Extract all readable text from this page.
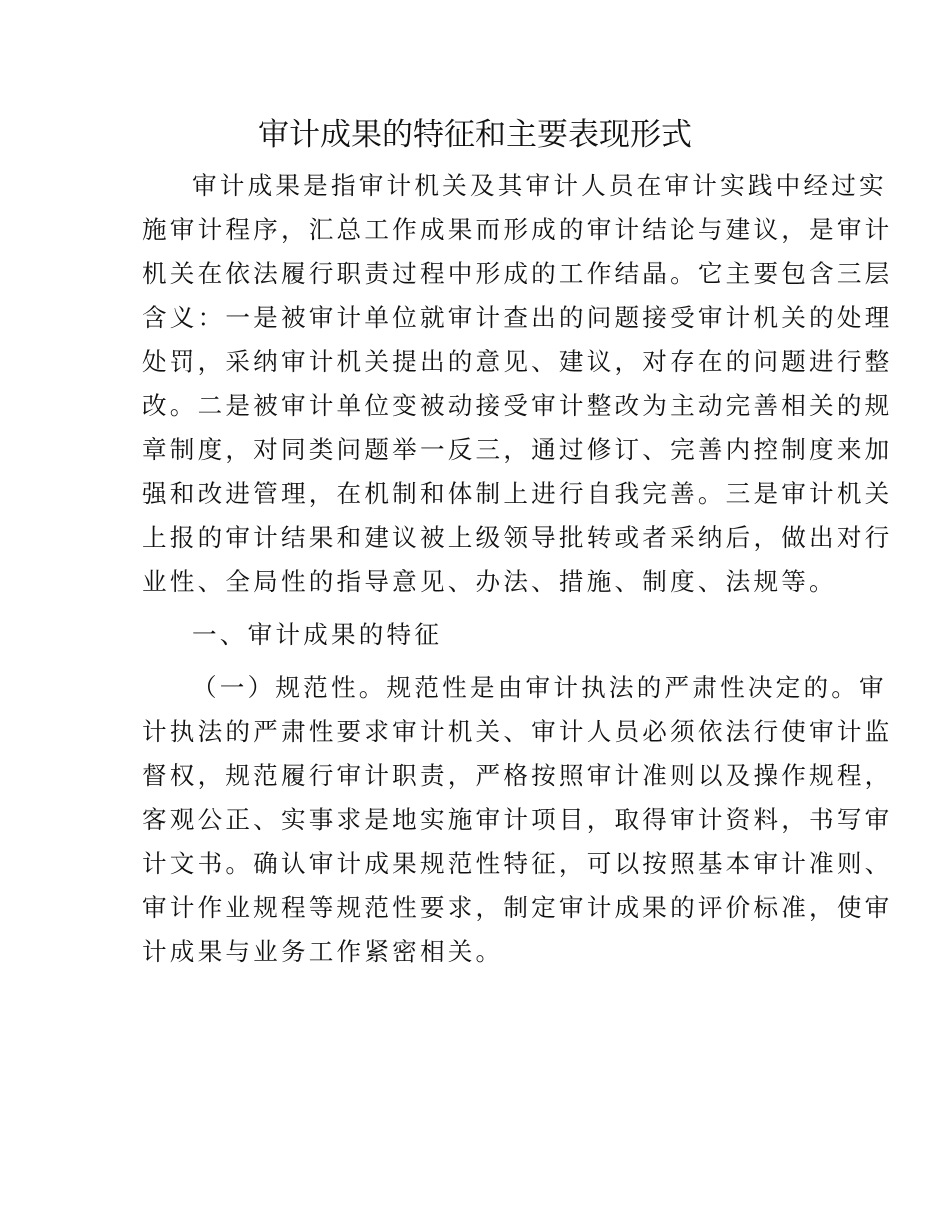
审计成果的特征和主要表现形式
审计成果是指审计机关及其审计人员在审计实践中经过实
施审计程序，汇总工作成果而形成的审计结论与建议，是审计
机关在依法履行职责过程中形成的工作结晶。它主要包含三层
含义：一是被审计单位就审计查出的问题接受审计机关的处理
处罚，采纳审计机关提出的意见、建议，对存在的问题进行整
改。二是被审计单位变被动接受审计整改为主动完善相关的规
章制度，对同类问题举一反三，通过修订、完善内控制度来加
强和改进管理，在机制和体制上进行自我完善。三是审计机关
上报的审计结果和建议被上级领导批转或者采纳后，做出对行
业性、全局性的指导意见、办法、措施、制度、法规等。
一、审计成果的特征
（一）规范性。规范性是由审计执法的严肃性决定的。审
计执法的严肃性要求审计机关、审计人员必须依法行使审计监
督权，规范履行审计职责，严格按照审计准则以及操作规程，
客观公正、实事求是地实施审计项目，取得审计资料，书写审
计文书。确认审计成果规范性特征，可以按照基本审计准则、
审计作业规程等规范性要求，制定审计成果的评价标准，使审
计成果与业务工作紧密相关。
